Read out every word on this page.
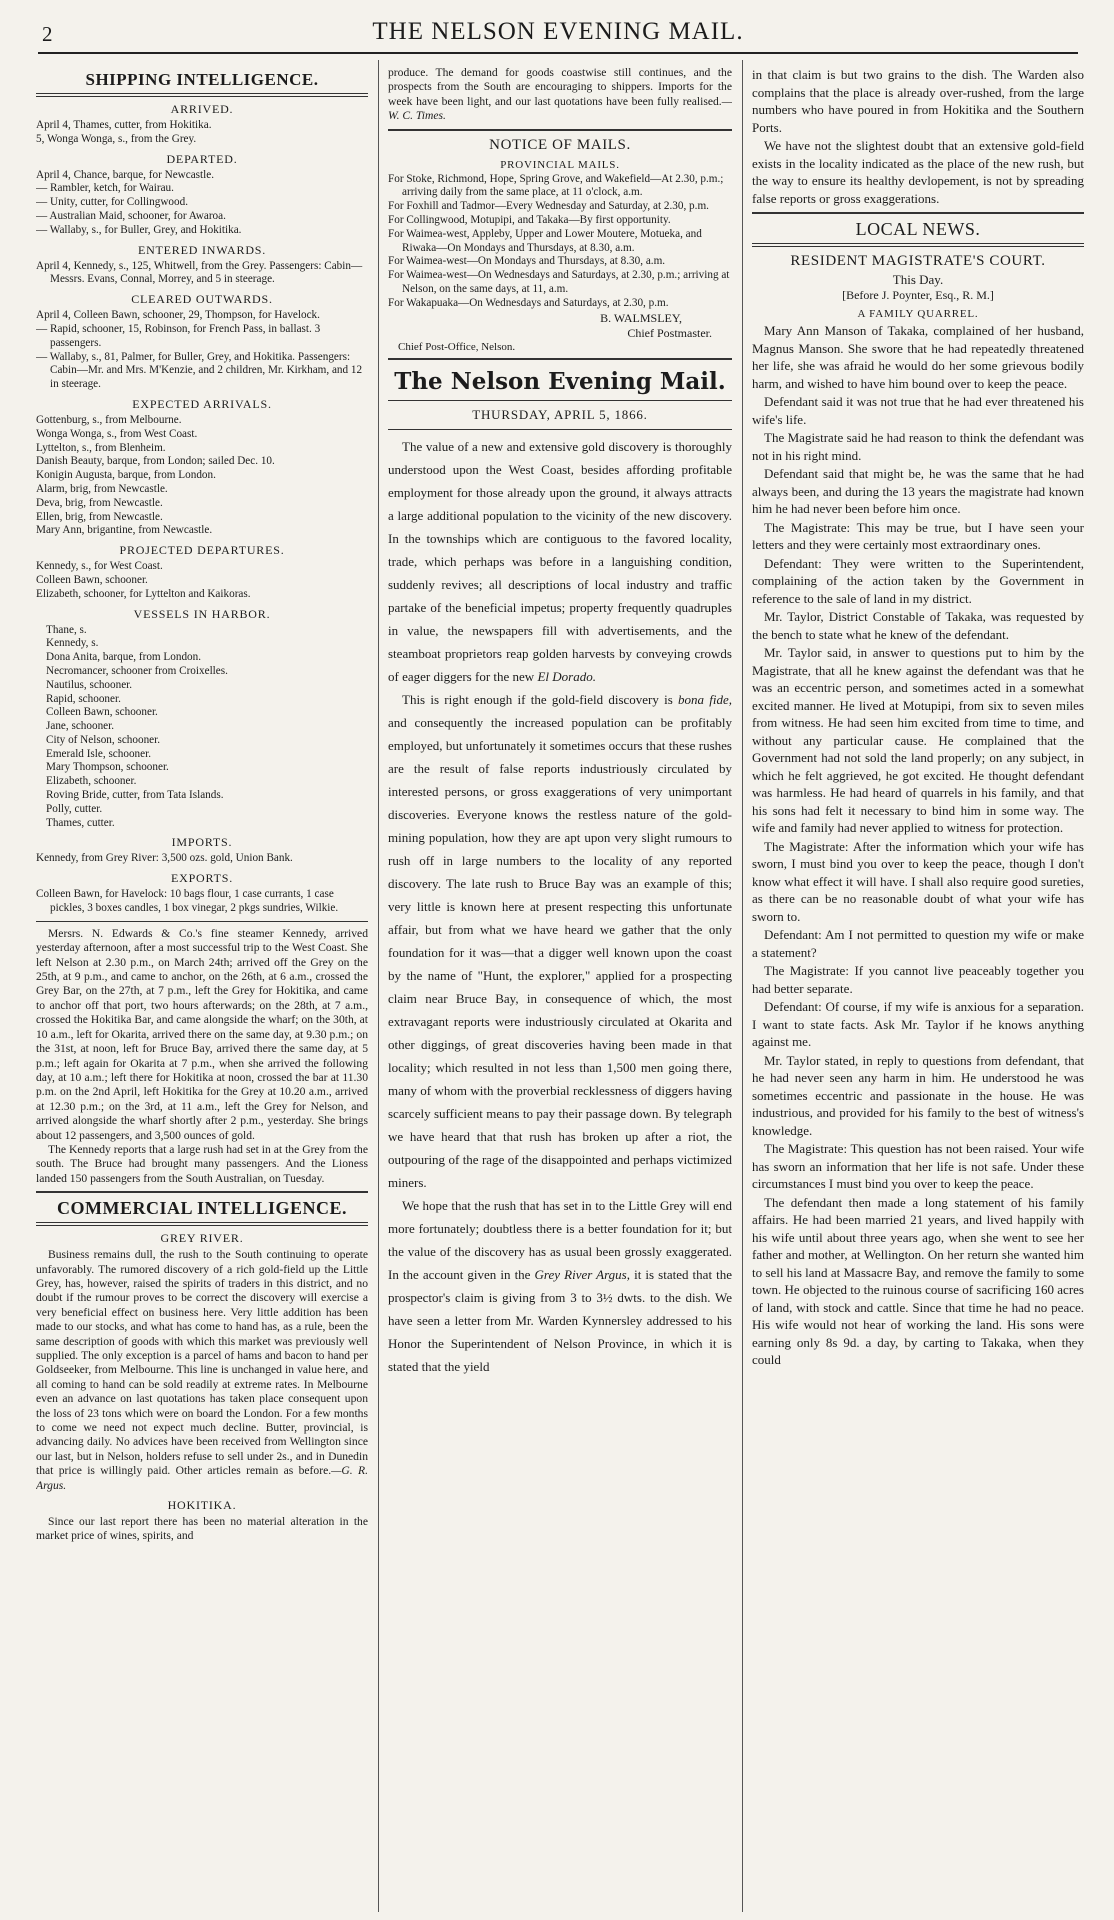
2	THE NELSON EVENING MAIL.
SHIPPING INTELLIGENCE.
ARRIVED.
April 4, Thames, cutter, from Hokitika.
5, Wonga Wonga, s., from the Grey.
DEPARTED.
April 4, Chance, barque, for Newcastle.
— Rambler, ketch, for Wairau.
— Unity, cutter, for Collingwood.
— Australian Maid, schooner, for Awaroa.
— Wallaby, s., for Buller, Grey, and Hokitika.
ENTERED INWARDS.
April 4, Kennedy, s., 125, Whitwell, from the Grey. Passengers: Cabin—Messrs. Evans, Connal, Morrey, and 5 in steerage.
CLEARED OUTWARDS.
April 4, Colleen Bawn, schooner, 29, Thompson, for Havelock.
— Rapid, schooner, 15, Robinson, for French Pass, in ballast. 3 passengers.
— Wallaby, s., 81, Palmer, for Buller, Grey, and Hokitika. Passengers: Cabin—Mr. and Mrs. M'Kenzie, and 2 children, Mr. Kirkham, and 12 in steerage.
EXPECTED ARRIVALS.
Gottenburg, s., from Melbourne.
Wonga Wonga, s., from West Coast.
Lyttelton, s., from Blenheim.
Danish Beauty, barque, from London; sailed Dec. 10.
Konigin Augusta, barque, from London.
Alarm, brig, from Newcastle.
Deva, brig, from Newcastle.
Ellen, brig, from Newcastle.
Mary Ann, brigantine, from Newcastle.
PROJECTED DEPARTURES.
Kennedy, s., for West Coast.
Colleen Bawn, schooner.
Elizabeth, schooner, for Lyttelton and Kaikoras.
VESSELS IN HARBOR.
Thane, s.
Kennedy, s.
Dona Anita, barque, from London.
Necromancer, schooner from Croixelles.
Nautilus, schooner.
Rapid, schooner.
Colleen Bawn, schooner.
Jane, schooner.
City of Nelson, schooner.
Emerald Isle, schooner.
Mary Thompson, schooner.
Elizabeth, schooner.
Roving Bride, cutter, from Tata Islands.
Polly, cutter.
Thames, cutter.
IMPORTS.
Kennedy, from Grey River: 3,500 ozs. gold, Union Bank.
EXPORTS.
Colleen Bawn, for Havelock: 10 bags flour, 1 case currants, 1 case pickles, 3 boxes candles, 1 box vinegar, 2 pkgs sundries, Wilkie.

Mersrs. N. Edwards & Co.'s fine steamer Kennedy, arrived yesterday afternoon, after a most successful trip to the West Coast. She left Nelson at 2.30 p.m., on March 24th; arrived off the Grey on the 25th, at 9 p.m., and came to anchor, on the 26th, at 6 a.m., crossed the Grey Bar, on the 27th, at 7 p.m., left the Grey for Hokitika, and came to anchor off that port, two hours afterwards; on the 28th, at 7 a.m., crossed the Hokitika Bar, and came alongside the wharf; on the 30th, at 10 a.m., left for Okarita, arrived there on the same day, at 9.30 p.m.; on the 31st, at noon, left for Bruce Bay, arrived there the same day, at 5 p.m.; left again for Okarita at 7 p.m., when she arrived the following day, at 10 a.m.; left there for Hokitika at noon, crossed the bar at 11.30 p.m. on the 2nd April, left Hokitika for the Grey at 10.20 a.m., arrived at 12.30 p.m.; on the 3rd, at 11 a.m., left the Grey for Nelson, and arrived alongside the wharf shortly after 2 p.m., yesterday. She brings about 12 passengers, and 3,500 ounces of gold.

The Kennedy reports that a large rush had set in at the Grey from the south. The Bruce had brought many passengers. And the Lioness landed 150 passengers from the South Australian, on Tuesday.

COMMERCIAL INTELLIGENCE.
GREY RIVER.

Business remains dull, the rush to the South continuing to operate unfavorably. The rumored discovery of a rich gold-field up the Little Grey, has, however, raised the spirits of traders in this district, and no doubt if the rumour proves to be correct the discovery will exercise a very beneficial effect on business here. Very little addition has been made to our stocks, and what has come to hand has, as a rule, been the same description of goods with which this market was previously well supplied. The only exception is a parcel of hams and bacon to hand per Goldseeker, from Melbourne. This line is unchanged in value here, and all coming to hand can be sold readily at extreme rates. In Melbourne even an advance on last quotations has taken place consequent upon the loss of 23 tons which were on board the London. For a few months to come we need not expect much decline. Butter, provincial, is advancing daily. No advices have been received from Wellington since our last, but in Nelson, holders refuse to sell under 2s., and in Dunedin that price is willingly paid. Other articles remain as before.—G. R. Argus.

HOKITIKA.

Since our last report there has been no material alteration in the market price of wines, spirits, and

produce. The demand for goods coastwise still continues, and the prospects from the South are encouraging to shippers. Imports for the week have been light, and our last quotations have been fully realised.—W. C. Times.

NOTICE OF MAILS.
PROVINCIAL MAILS.
For Stoke, Richmond, Hope, Spring Grove, and Wakefield—At 2.30, p.m.; arriving daily from the same place, at 11 o'clock, a.m.
For Foxhill and Tadmor—Every Wednesday and Saturday, at 2.30, p.m.
For Collingwood, Motupipi, and Takaka—By first opportunity.
For Waimea-west, Appleby, Upper and Lower Moutere, Motueka, and Riwaka—On Mondays and Thursdays, at 8.30, a.m.
For Waimea-west—On Mondays and Thursdays, at 8.30, a.m.
For Waimea-west—On Wednesdays and Saturdays, at 2.30, p.m.; arriving at Nelson, on the same days, at 11, a.m.
For Wakapuaka—On Wednesdays and Saturdays, at 2.30, p.m.
B. WALMSLEY,
Chief Postmaster.
Chief Post-Office, Nelson.
The Nelson Evening Mail.
THURSDAY, APRIL 5, 1866.

The value of a new and extensive gold discovery is thoroughly understood upon the West Coast, besides affording profitable employment for those already upon the ground, it always attracts a large additional population to the vicinity of the new discovery. In the townships which are contiguous to the favored locality, trade, which perhaps was before in a languishing condition, suddenly revives; all descriptions of local industry and traffic partake of the beneficial impetus; property frequently quadruples in value, the newspapers fill with advertisements, and the steamboat proprietors reap golden harvests by conveying crowds of eager diggers for the new El Dorado.

This is right enough if the gold-field discovery is bona fide, and consequently the increased population can be profitably employed, but unfortunately it sometimes occurs that these rushes are the result of false reports industriously circulated by interested persons, or gross exaggerations of very unimportant discoveries. Everyone knows the restless nature of the gold-mining population, how they are apt upon very slight rumours to rush off in large numbers to the locality of any reported discovery. The late rush to Bruce Bay was an example of this; very little is known here at present respecting this unfortunate affair, but from what we have heard we gather that the only foundation for it was—that a digger well known upon the coast by the name of "Hunt, the explorer," applied for a prospecting claim near Bruce Bay, in consequence of which, the most extravagant reports were industriously circulated at Okarita and other diggings, of great discoveries having been made in that locality; which resulted in not less than 1,500 men going there, many of whom with the proverbial recklessness of diggers having scarcely sufficient means to pay their passage down. By telegraph we have heard that that rush has broken up after a riot, the outpouring of the rage of the disappointed and perhaps victimized miners.

We hope that the rush that has set in to the Little Grey will end more fortunately; doubtless there is a better foundation for it; but the value of the discovery has as usual been grossly exaggerated. In the account given in the Grey River Argus, it is stated that the prospector's claim is giving from 3 to 3½ dwts. to the dish. We have seen a letter from Mr. Warden Kynnersley addressed to his Honor the Superintendent of Nelson Province, in which it is stated that the yield

in that claim is but two grains to the dish. The Warden also complains that the place is already over-rushed, from the large numbers who have poured in from Hokitika and the Southern Ports.

We have not the slightest doubt that an extensive gold-field exists in the locality indicated as the place of the new rush, but the way to ensure its healthy devlopement, is not by spreading false reports or gross exaggerations.

LOCAL NEWS.
RESIDENT MAGISTRATE'S COURT.
This Day.
[Before J. Poynter, Esq., R. M.]
A FAMILY QUARREL.

Mary Ann Manson of Takaka, complained of her husband, Magnus Manson. She swore that he had repeatedly threatened her life, she was afraid he would do her some grievous bodily harm, and wished to have him bound over to keep the peace.

Defendant said it was not true that he had ever threatened his wife's life.

The Magistrate said he had reason to think the defendant was not in his right mind.

Defendant said that might be, he was the same that he had always been, and during the 13 years the magistrate had known him he had never been before him once.

The Magistrate: This may be true, but I have seen your letters and they were certainly most extraordinary ones.

Defendant: They were written to the Superintendent, complaining of the action taken by the Government in reference to the sale of land in my district.

Mr. Taylor, District Constable of Takaka, was requested by the bench to state what he knew of the defendant.

Mr. Taylor said, in answer to questions put to him by the Magistrate, that all he knew against the defendant was that he was an eccentric person, and sometimes acted in a somewhat excited manner. He lived at Motupipi, from six to seven miles from witness. He had seen him excited from time to time, and without any particular cause. He complained that the Government had not sold the land properly; on any subject, in which he felt aggrieved, he got excited. He thought defendant was harmless. He had heard of quarrels in his family, and that his sons had felt it necessary to bind him in some way. The wife and family had never applied to witness for protection.

The Magistrate: After the information which your wife has sworn, I must bind you over to keep the peace, though I don't know what effect it will have. I shall also require good sureties, as there can be no reasonable doubt of what your wife has sworn to.

Defendant: Am I not permitted to question my wife or make a statement?

The Magistrate: If you cannot live peaceably together you had better separate.

Defendant: Of course, if my wife is anxious for a separation. I want to state facts. Ask Mr. Taylor if he knows anything against me.

Mr. Taylor stated, in reply to questions from defendant, that he had never seen any harm in him. He understood he was sometimes eccentric and passionate in the house. He was industrious, and provided for his family to the best of witness's knowledge.

The Magistrate: This question has not been raised. Your wife has sworn an information that her life is not safe. Under these circumstances I must bind you over to keep the peace.

The defendant then made a long statement of his family affairs. He had been married 21 years, and lived happily with his wife until about three years ago, when she went to see her father and mother, at Wellington. On her return she wanted him to sell his land at Massacre Bay, and remove the family to some town. He objected to the ruinous course of sacrificing 160 acres of land, with stock and cattle. Since that time he had no peace. His wife would not hear of working the land. His sons were earning only 8s 9d. a day, by carting to Takaka, when they could
